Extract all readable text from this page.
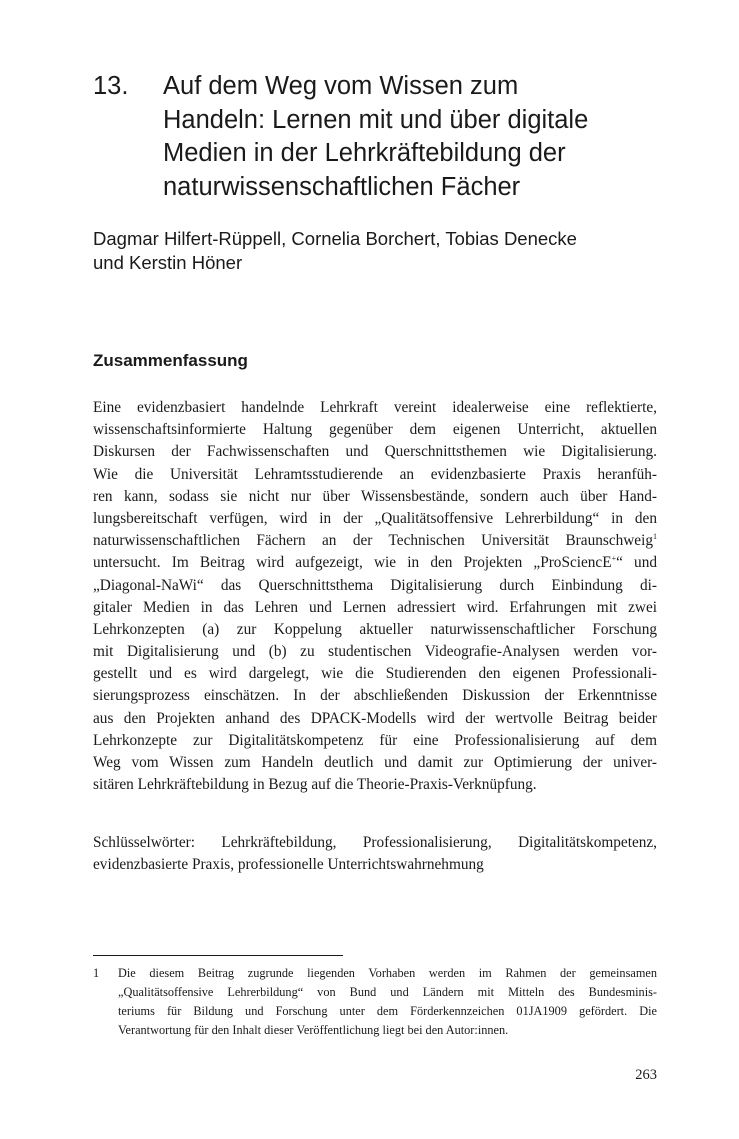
13.	Auf dem Weg vom Wissen zum
Handeln: Lernen mit und über digitale
Medien in der Lehrkräftebildung der
naturwissenschaftlichen Fächer
Dagmar Hilfert-Rüppell, Cornelia Borchert, Tobias Denecke
und Kerstin Höner
Zusammenfassung
Eine evidenzbasiert handelnde Lehrkraft vereint idealerweise eine reflektierte,
wissenschaftsinformierte Haltung gegenüber dem eigenen Unterricht, aktuellen
Diskursen der Fachwissenschaften und Querschnittsthemen wie Digitalisierung.
Wie die Universität Lehramtsstudierende an evidenzbasierte Praxis heranfüh-
ren kann, sodass sie nicht nur über Wissensbestände, sondern auch über Hand-
lungsbereitschaft verfügen, wird in der „Qualitätsoffensive Lehrerbildung“ in den
naturwissenschaftlichen Fächern an der Technischen Universität Braunschweig$^1$
untersucht. Im Beitrag wird aufgezeigt, wie in den Projekten „ProSciencE+“ und
„Diagonal-NaWi“ das Querschnittsthema Digitalisierung durch Einbindung di-
gitaler Medien in das Lehren und Lernen adressiert wird. Erfahrungen mit zwei
Lehrkonzepten (a) zur Koppelung aktueller naturwissenschaftlicher Forschung
mit Digitalisierung und (b) zu studentischen Videografie-Analysen werden vor-
gestellt und es wird dargelegt, wie die Studierenden den eigenen Professionali-
sierungsprozess einschätzen. In der abschließenden Diskussion der Erkenntnisse
aus den Projekten anhand des DPACK-Modells wird der wertvolle Beitrag beider
Lehrkonzepte zur Digitalitätskompetenz für eine Professionalisierung auf dem
Weg vom Wissen zum Handeln deutlich und damit zur Optimierung der univer-
sitären Lehrkräftebildung in Bezug auf die Theorie-Praxis-Verknüpfung.
Schlüsselwörter: Lehrkräftebildung, Professionalisierung, Digitalitätskompetenz,
evidenzbasierte Praxis, professionelle Unterrichtswahrnehmung
1	Die diesem Beitrag zugrunde liegenden Vorhaben werden im Rahmen der gemeinsamen
„Qualitätsoffensive Lehrerbildung“ von Bund und Ländern mit Mitteln des Bundesminis-
teriums für Bildung und Forschung unter dem Förderkennzeichen 01JA1909 gefördert. Die
Verantwortung für den Inhalt dieser Veröffentlichung liegt bei den Autor:innen.
263
